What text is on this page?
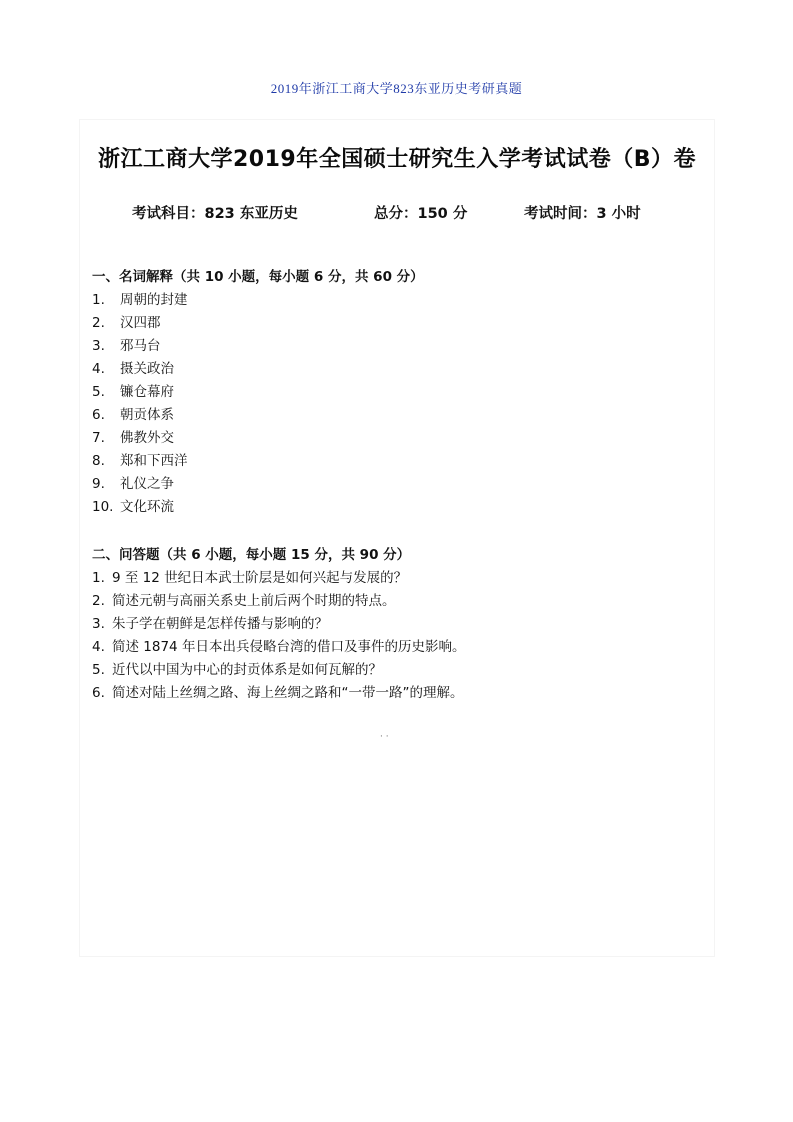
2019年浙江工商大学823东亚历史考研真题
浙江工商大学2019年全国硕士研究生入学考试试卷（B）卷
考试科目：823 东亚历史	总分：150 分	考试时间：3 小时
一、名词解释（共 10 小题，每小题 6 分，共 60 分）
1. 周朝的封建
2. 汉四郡
3. 邪马台
4. 摄关政治
5. 镰仓幕府
6. 朝贡体系
7. 佛教外交
8. 郑和下西洋
9. 礼仪之争
10. 文化环流
二、问答题（共 6 小题，每小题 15 分，共 90 分）
1. 9 至 12 世纪日本武士阶层是如何兴起与发展的？
2. 简述元朝与高丽关系史上前后两个时期的特点。
3. 朱子学在朝鲜是怎样传播与影响的？
4. 简述 1874 年日本出兵侵略台湾的借口及事件的历史影响。
5. 近代以中国为中心的封贡体系是如何瓦解的？
6. 简述对陆上丝绸之路、海上丝绸之路和“一带一路”的理解。
· ·
